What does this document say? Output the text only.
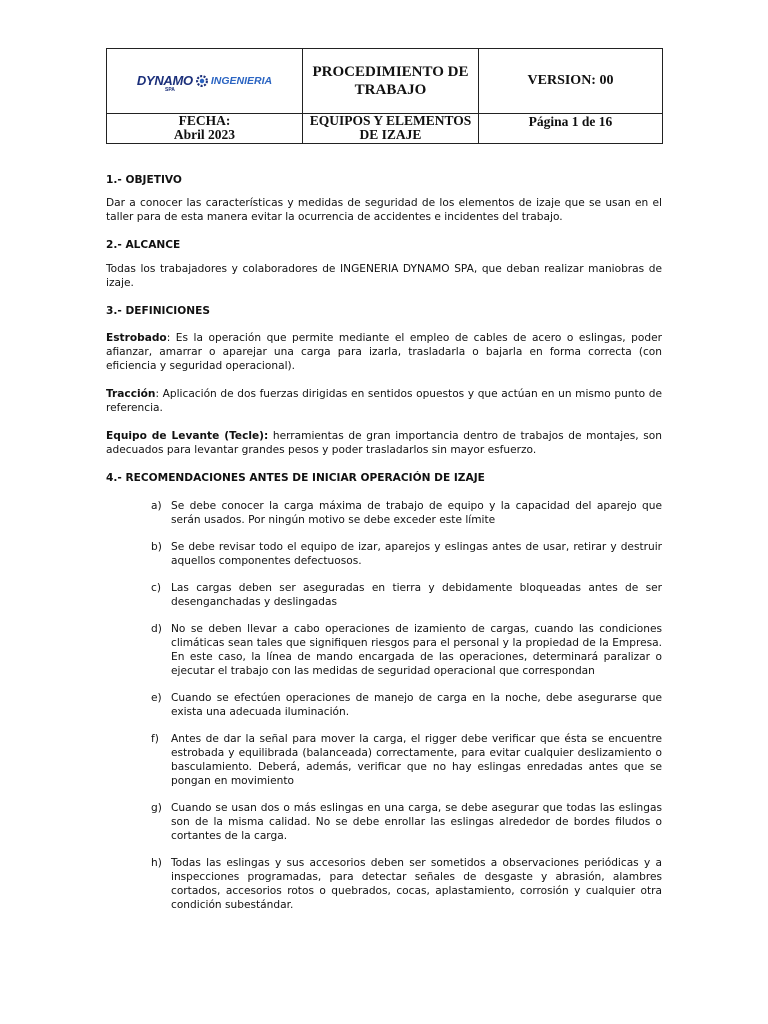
DYNAMO INGENIERIA
SPA	PROCEDIMIENTO DE TRABAJO	VERSION: 00

FECHA:
Abril 2023	EQUIPOS Y ELEMENTOS DE IZAJE	Página 1 de 16

1.- OBJETIVO

Dar a conocer las características y medidas de seguridad de los elementos de izaje que se usan en el taller para de esta manera evitar la ocurrencia de accidentes e incidentes del trabajo.

2.- ALCANCE

Todas los trabajadores y colaboradores de INGENERIA DYNAMO SPA, que deban realizar maniobras de izaje.

3.- DEFINICIONES

Estrobado: Es la operación que permite mediante el empleo de cables de acero o eslingas, poder afianzar, amarrar o aparejar una carga para izarla, trasladarla o bajarla en forma correcta (con eficiencia y seguridad operacional).

Tracción: Aplicación de dos fuerzas dirigidas en sentidos opuestos y que actúan en un mismo punto de referencia.

Equipo de Levante (Tecle): herramientas de gran importancia dentro de trabajos de montajes, son adecuados para levantar grandes pesos y poder trasladarlos sin mayor esfuerzo.

4.- RECOMENDACIONES ANTES DE INICIAR OPERACIÓN DE IZAJE

a) Se debe conocer la carga máxima de trabajo de equipo y la capacidad del aparejo que serán usados. Por ningún motivo se debe exceder este límite
b) Se debe revisar todo el equipo de izar, aparejos y eslingas antes de usar, retirar y destruir aquellos componentes defectuosos.
c) Las cargas deben ser aseguradas en tierra y debidamente bloqueadas antes de ser desenganchadas y deslingadas
d) No se deben llevar a cabo operaciones de izamiento de cargas, cuando las condiciones climáticas sean tales que signifiquen riesgos para el personal y la propiedad de la Empresa. En este caso, la línea de mando encargada de las operaciones, determinará paralizar o ejecutar el trabajo con las medidas de seguridad operacional que correspondan
e) Cuando se efectúen operaciones de manejo de carga en la noche, debe asegurarse que exista una adecuada iluminación.
f)	Antes de dar la señal para mover la carga, el rigger debe verificar que ésta se encuentre estrobada y equilibrada (balanceada) correctamente, para evitar cualquier deslizamiento o basculamiento. Deberá, además, verificar que no hay eslingas enredadas antes que se pongan en movimiento
g) Cuando se usan dos o más eslingas en una carga, se debe asegurar que todas las eslingas son de la misma calidad. No se debe enrollar las eslingas alrededor de bordes filudos o cortantes de la carga.
h) Todas las eslingas y sus accesorios deben ser sometidos a observaciones periódicas y a inspecciones programadas, para detectar señales de desgaste y abrasión, alambres cortados, accesorios rotos o quebrados, cocas, aplastamiento, corrosión y cualquier otra condición subestándar.
